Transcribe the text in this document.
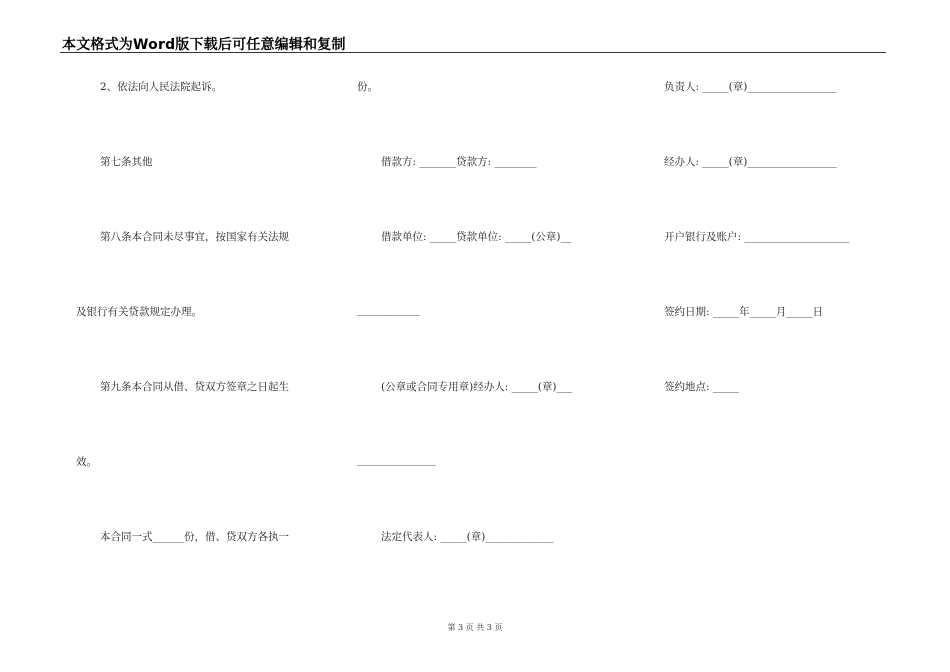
本文格式为Word版下载后可任意编辑和复制
2、依法向人民法院起诉。
第七条其他
第八条本合同未尽事宜，按国家有关法规
及银行有关贷款规定办理。
第九条本合同从借、贷双方签章之日起生
效。
本合同一式______份，借、贷双方各执一
份。
借款方: _______贷款方: ________
借款单位: _____贷款单位: _____(公章)__
____________
(公章或合同专用章)经办人: _____(章)___
_______________
法定代表人: _____(章)_____________
负责人: _____(章)_________________
经办人: _____(章)_________________
开户银行及账户: ____________________
签约日期: _____年_____月_____日
签约地点: _____
第 3 页 共 3 页
